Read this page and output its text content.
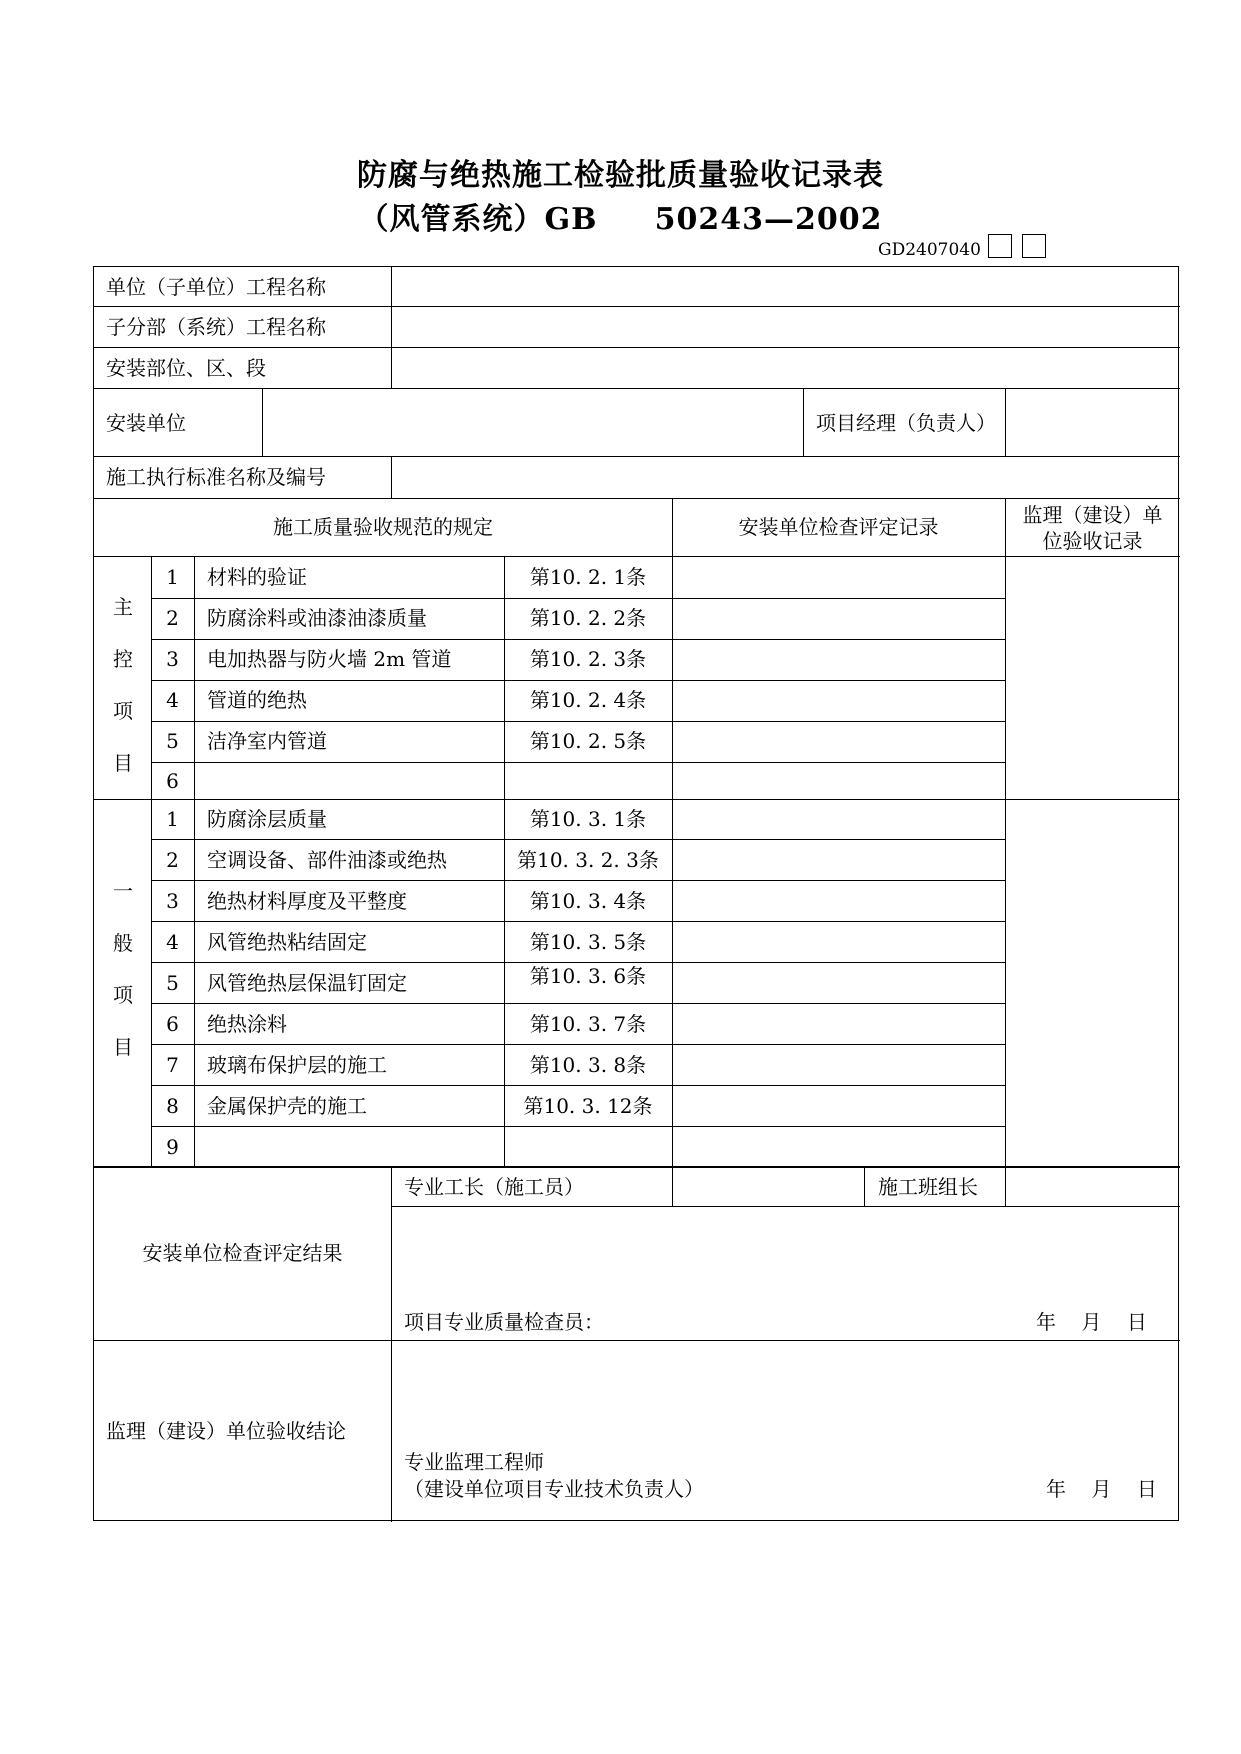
防腐与绝热施工检验批质量验收记录表
（风管系统）GB     50243—2002
GD2407040
单位（子单位）工程名称
子分部（系统）工程名称
安装部位、区、段
安装单位	项目经理（负责人）
施工执行标准名称及编号
施工质量验收规范的规定	安装单位检查评定记录	监理（建设）单
位验收记录
主
控
项
目
1	材料的验证	第10. 2. 1条
2	防腐涂料或油漆油漆质量	第10. 2. 2条
3	电加热器与防火墙 2m 管道	第10. 2. 3条
4	管道的绝热	第10. 2. 4条
5	洁净室内管道	第10. 2. 5条
6
一
般
项
目
1	防腐涂层质量	第10. 3. 1条
2	空调设备、部件油漆或绝热	第10. 3. 2. 3条
3	绝热材料厚度及平整度	第10. 3. 4条
4	风管绝热粘结固定	第10. 3. 5条
5	风管绝热层保温钉固定	第10. 3. 6条
6	绝热涂料	第10. 3. 7条
7	玻璃布保护层的施工	第10. 3. 8条
8	金属保护壳的施工	第10. 3. 12条
9
安装单位检查评定结果
专业工长（施工员）	施工班组长
项目专业质量检查员：	年    月    日
监理（建设）单位验收结论
专业监理工程师
（建设单位项目专业技术负责人）	年    月    日
